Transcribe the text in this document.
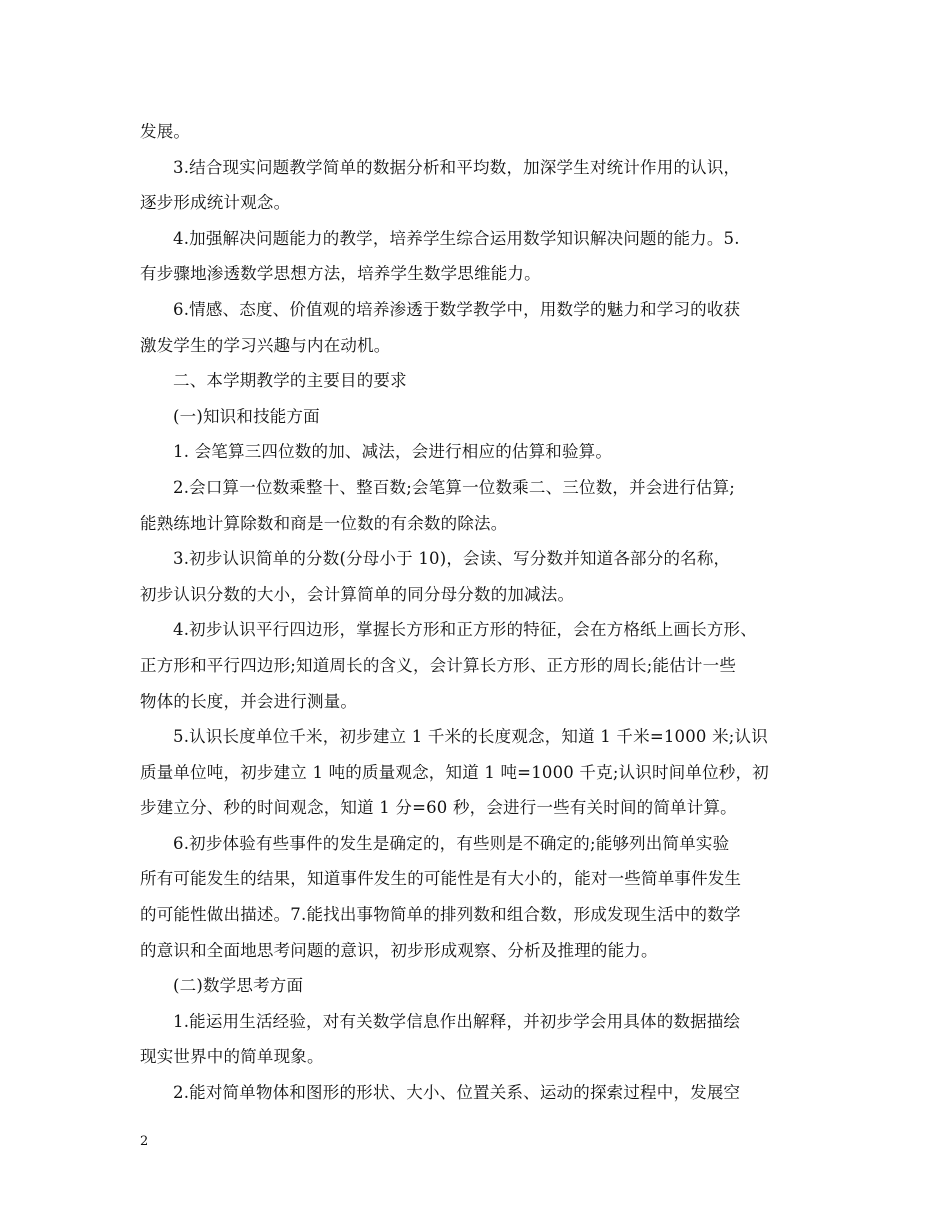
发展。
3.结合现实问题教学简单的数据分析和平均数，加深学生对统计作用的认识，
逐步形成统计观念。
4.加强解决问题能力的教学，培养学生综合运用数学知识解决问题的能力。5.
有步骤地渗透数学思想方法，培养学生数学思维能力。
6.情感、态度、价值观的培养渗透于数学教学中，用数学的魅力和学习的收获
激发学生的学习兴趣与内在动机。
二、本学期教学的主要目的要求
(一)知识和技能方面
1. 会笔算三四位数的加、减法，会进行相应的估算和验算。
2.会口算一位数乘整十、整百数;会笔算一位数乘二、三位数，并会进行估算;
能熟练地计算除数和商是一位数的有余数的除法。
3.初步认识简单的分数(分母小于 10)，会读、写分数并知道各部分的名称，
初步认识分数的大小，会计算简单的同分母分数的加减法。
4.初步认识平行四边形，掌握长方形和正方形的特征，会在方格纸上画长方形、
正方形和平行四边形;知道周长的含义，会计算长方形、正方形的周长;能估计一些
物体的长度，并会进行测量。
5.认识长度单位千米，初步建立 1 千米的长度观念，知道 1 千米=1000 米;认识
质量单位吨，初步建立 1 吨的质量观念，知道 1 吨=1000 千克;认识时间单位秒，初
步建立分、秒的时间观念，知道 1 分=60 秒，会进行一些有关时间的简单计算。
6.初步体验有些事件的发生是确定的，有些则是不确定的;能够列出简单实验
所有可能发生的结果，知道事件发生的可能性是有大小的，能对一些简单事件发生
的可能性做出描述。7.能找出事物简单的排列数和组合数，形成发现生活中的数学
的意识和全面地思考问题的意识，初步形成观察、分析及推理的能力。
(二)数学思考方面
1.能运用生活经验，对有关数学信息作出解释，并初步学会用具体的数据描绘
现实世界中的简单现象。
2.能对简单物体和图形的形状、大小、位置关系、运动的探索过程中，发展空
2
